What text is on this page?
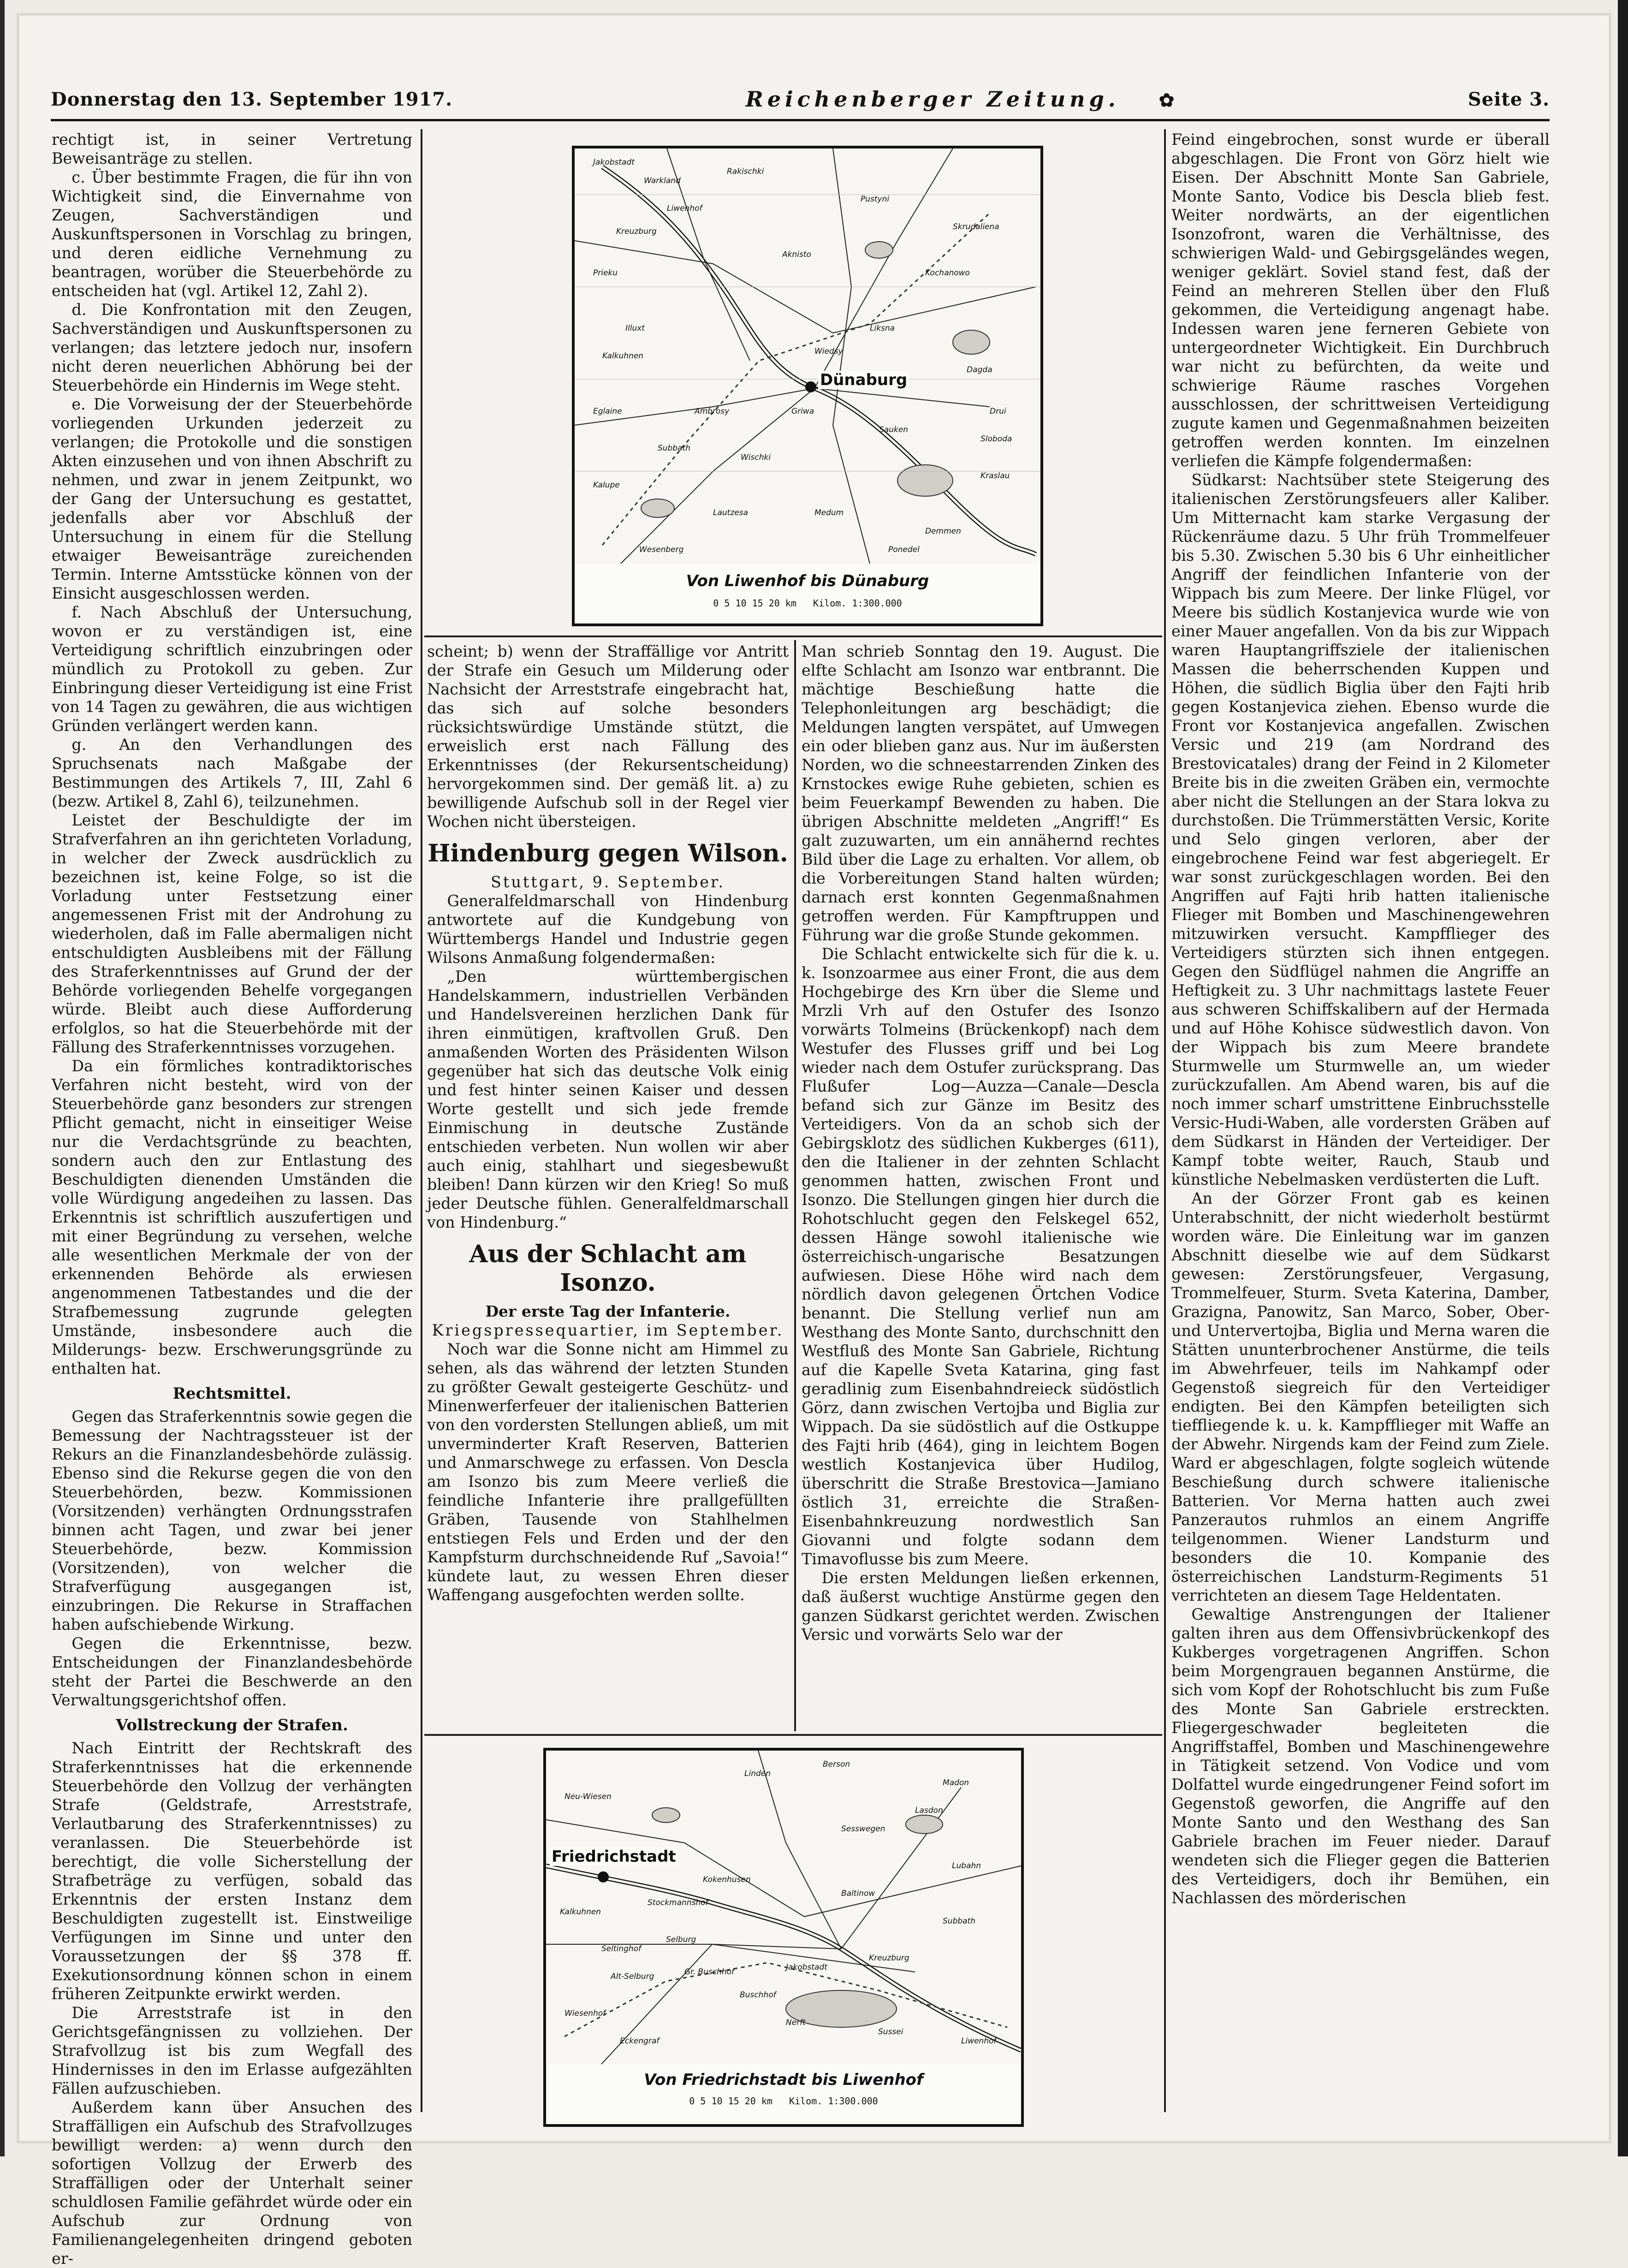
Donnerstag den 13. September 1917.	Reichenberger Zeitung. ✿	Seite 3.

rechtigt ist, in seiner Vertretung Beweisanträge zu stellen.

c. Über bestimmte Fragen, die für ihn von Wichtigkeit sind, die Einvernahme von Zeugen, Sachverständigen und Auskunftspersonen in Vorschlag zu bringen, und deren eidliche Vernehmung zu beantragen, worüber die Steuerbehörde zu entscheiden hat (vgl. Artikel 12, Zahl 2).

d. Die Konfrontation mit den Zeugen, Sachverständigen und Auskunftspersonen zu verlangen; das letztere jedoch nur, insofern nicht deren neuerlichen Abhörung bei der Steuerbehörde ein Hindernis im Wege steht.

e. Die Vorweisung der der Steuerbehörde vorliegenden Urkunden jederzeit zu verlangen; die Protokolle und die sonstigen Akten einzusehen und von ihnen Abschrift zu nehmen, und zwar in jenem Zeitpunkt, wo der Gang der Untersuchung es gestattet, jedenfalls aber vor Abschluß der Untersuchung in einem für die Stellung etwaiger Beweisanträge zureichenden Termin. Interne Amtsstücke können von der Einsicht ausgeschlossen werden.

f. Nach Abschluß der Untersuchung, wovon er zu verständigen ist, eine Verteidigung schriftlich einzubringen oder mündlich zu Protokoll zu geben. Zur Einbringung dieser Verteidigung ist eine Frist von 14 Tagen zu gewähren, die aus wichtigen Gründen verlängert werden kann.

g. An den Verhandlungen des Spruchsenats nach Maßgabe der Bestimmungen des Artikels 7, III, Zahl 6 (bezw. Artikel 8, Zahl 6), teilzunehmen.

Leistet der Beschuldigte der im Strafverfahren an ihn gerichteten Vorladung, in welcher der Zweck ausdrücklich zu bezeichnen ist, keine Folge, so ist die Vorladung unter Festsetzung einer angemessenen Frist mit der Androhung zu wiederholen, daß im Falle abermaligen nicht entschuldigten Ausbleibens mit der Fällung des Straferkenntnisses auf Grund der der Behörde vorliegenden Behelfe vorgegangen würde. Bleibt auch diese Aufforderung erfolglos, so hat die Steuerbehörde mit der Fällung des Straferkenntnisses vorzugehen.

Da ein förmliches kontradiktorisches Verfahren nicht besteht, wird von der Steuerbehörde ganz besonders zur strengen Pflicht gemacht, nicht in einseitiger Weise nur die Verdachtsgründe zu beachten, sondern auch den zur Entlastung des Beschuldigten dienenden Umständen die volle Würdigung angedeihen zu lassen. Das Erkenntnis ist schriftlich auszufertigen und mit einer Begründung zu versehen, welche alle wesentlichen Merkmale der von der erkennenden Behörde als erwiesen angenommenen Tatbestandes und die der Strafbemessung zugrunde gelegten Umstände, insbesondere auch die Milderungs- bezw. Erschwerungsgründe zu enthalten hat.

Rechtsmittel.

Gegen das Straferkenntnis sowie gegen die Bemessung der Nachtragssteuer ist der Rekurs an die Finanzlandesbehörde zulässig. Ebenso sind die Rekurse gegen die von den Steuerbehörden, bezw. Kommissionen (Vorsitzenden) verhängten Ordnungsstrafen binnen acht Tagen, und zwar bei jener Steuerbehörde, bezw. Kommission (Vorsitzenden), von welcher die Strafverfügung ausgegangen ist, einzubringen. Die Rekurse in Straffachen haben aufschiebende Wirkung.

Gegen die Erkenntnisse, bezw. Entscheidungen der Finanzlandesbehörde steht der Partei die Beschwerde an den Verwaltungsgerichtshof offen.

Vollstreckung der Strafen.

Nach Eintritt der Rechtskraft des Straferkenntnisses hat die erkennende Steuerbehörde den Vollzug der verhängten Strafe (Geldstrafe, Arreststrafe, Verlautbarung des Straferkenntnisses) zu veranlassen. Die Steuerbehörde ist berechtigt, die volle Sicherstellung der Strafbeträge zu verfügen, sobald das Erkenntnis der ersten Instanz dem Beschuldigten zugestellt ist. Einstweilige Verfügungen im Sinne und unter den Voraussetzungen der §§ 378 ff. Exekutionsordnung können schon in einem früheren Zeitpunkte erwirkt werden.

Die Arreststrafe ist in den Gerichtsgefängnissen zu vollziehen. Der Strafvollzug ist bis zum Wegfall des Hindernisses in den im Erlasse aufgezählten Fällen aufzuschieben.

Außerdem kann über Ansuchen des Straffälligen ein Aufschub des Strafvollzuges bewilligt werden: a) wenn durch den sofortigen Vollzug der Erwerb des Straffälligen oder der Unterhalt seiner schuldlosen Familie gefährdet würde oder ein Aufschub zur Ordnung von Familienangelegenheiten dringend geboten er-

Dünaburg
Jakobstadt
Warkland
Liwenhof
Kreuzburg
Illuxt
Kalkuhnen
Griwa
Kraslau
Drui
Prieku
Eglaine
Subbath
Sauken
Kalupe
Wischki
Skrudaliena
Kochanowo
Liksna
Aknisto
Rakischki
Pustyni
Ambrosy
Lautzesa	Medum
Demmen
Dagda
Sloboda
Wiedsy
Ponedel
Wesenberg
Von Liwenhof bis Dünaburg
0 5 10 15 20 km Kilom. 1:300.000

scheint; b) wenn der Straffällige vor Antritt der Strafe ein Gesuch um Milderung oder Nachsicht der Arreststrafe eingebracht hat, das sich auf solche besonders rücksichtswürdige Umstände stützt, die erweislich erst nach Fällung des Erkenntnisses (der Rekursentscheidung) hervorgekommen sind. Der gemäß lit. a) zu bewilligende Aufschub soll in der Regel vier Wochen nicht übersteigen.

Hindenburg gegen Wilson.

Stuttgart, 9. September.

Generalfeldmarschall von Hindenburg antwortete auf die Kundgebung von Württembergs Handel und Industrie gegen Wilsons Anmaßung folgendermaßen:

„Den württembergischen Handelskammern, industriellen Verbänden und Handelsvereinen herzlichen Dank für ihren einmütigen, kraftvollen Gruß. Den anmaßenden Worten des Präsidenten Wilson gegenüber hat sich das deutsche Volk einig und fest hinter seinen Kaiser und dessen Worte gestellt und sich jede fremde Einmischung in deutsche Zustände entschieden verbeten. Nun wollen wir aber auch einig, stahlhart und siegesbewußt bleiben! Dann kürzen wir den Krieg! So muß jeder Deutsche fühlen. Generalfeldmarschall von Hindenburg.“

Aus der Schlacht am Isonzo.

Der erste Tag der Infanterie.

Kriegspressequartier, im September.

Noch war die Sonne nicht am Himmel zu sehen, als das während der letzten Stunden zu größter Gewalt gesteigerte Geschütz- und Minenwerferfeuer der italienischen Batterien von den vordersten Stellungen abließ, um mit unverminderter Kraft Reserven, Batterien und Anmarschwege zu erfassen. Von Descla am Isonzo bis zum Meere verließ die feindliche Infanterie ihre prallgefüllten Gräben, Tausende von Stahlhelmen entstiegen Fels und Erden und der den Kampfsturm durchschneidende Ruf „Savoia!“ kündete laut, zu wessen Ehren dieser Waffengang ausgefochten werden sollte.

Man schrieb Sonntag den 19. August. Die elfte Schlacht am Isonzo war entbrannt. Die mächtige Beschießung hatte die Telephonleitungen arg beschädigt; die Meldungen langten verspätet, auf Umwegen ein oder blieben ganz aus. Nur im äußersten Norden, wo die schneestarrenden Zinken des Krnstockes ewige Ruhe gebieten, schien es beim Feuerkampf Bewenden zu haben. Die übrigen Abschnitte meldeten „Angriff!“ Es galt zuzuwarten, um ein annähernd rechtes Bild über die Lage zu erhalten. Vor allem, ob die Vorbereitungen Stand halten würden; darnach erst konnten Gegenmaßnahmen getroffen werden. Für Kampftruppen und Führung war die große Stunde gekommen.

Die Schlacht entwickelte sich für die k. u. k. Isonzoarmee aus einer Front, die aus dem Hochgebirge des Krn über die Sleme und Mrzli Vrh auf den Ostufer des Isonzo vorwärts Tolmeins (Brückenkopf) nach dem Westufer des Flusses griff und bei Log wieder nach dem Ostufer zurücksprang. Das Flußufer Log—Auzza—Canale—Descla befand sich zur Gänze im Besitz des Verteidigers. Von da an schob sich der Gebirgsklotz des südlichen Kukberges (611), den die Italiener in der zehnten Schlacht genommen hatten, zwischen Front und Isonzo. Die Stellungen gingen hier durch die Rohotschlucht gegen den Felskegel 652, dessen Hänge sowohl italienische wie österreichisch-ungarische Besatzungen aufwiesen. Diese Höhe wird nach dem nördlich davon gelegenen Örtchen Vodice benannt. Die Stellung verlief nun am Westhang des Monte Santo, durchschnitt den Westfluß des Monte San Gabriele, Richtung auf die Kapelle Sveta Katarina, ging fast geradlinig zum Eisenbahndreieck südöstlich Görz, dann zwischen Vertojba und Biglia zur Wippach. Da sie südöstlich auf die Ostkuppe des Fajti hrib (464), ging in leichtem Bogen westlich Kostanjevica über Hudilog, überschritt die Straße Brestovica—Jamiano östlich 31, erreichte die Straßen-Eisenbahnkreuzung nordwestlich San Giovanni und folgte sodann dem Timavoflusse bis zum Meere.

Die ersten Meldungen ließen erkennen, daß äußerst wuchtige Anstürme gegen den ganzen Südkarst gerichtet werden. Zwischen Versic und vorwärts Selo war der

Friedrichstadt
Jakobstadt
Kreuzburg
Liwenhof
Stockmannshof
Kokenhusen
Linden
Berson
Lasdon
Madon
Sesswegen
Lubahn
Seltinghof
Selburg
Gr. Buschhof
Buschhof
Alt-Selburg
Nerft
Sussei
Subbath
Eckengraf
Wiesenhof
Kalkuhnen
Neu-Wiesen
Baltinow
Von Friedrichstadt bis Liwenhof
0 5 10 15 20 km Kilom. 1:300.000

Feind eingebrochen, sonst wurde er überall abgeschlagen. Die Front von Görz hielt wie Eisen. Der Abschnitt Monte San Gabriele, Monte Santo, Vodice bis Descla blieb fest. Weiter nordwärts, an der eigentlichen Isonzofront, waren die Verhältnisse, des schwierigen Wald- und Gebirgsgeländes wegen, weniger geklärt. Soviel stand fest, daß der Feind an mehreren Stellen über den Fluß gekommen, die Verteidigung angenagt habe. Indessen waren jene ferneren Gebiete von untergeordneter Wichtigkeit. Ein Durchbruch war nicht zu befürchten, da weite und schwierige Räume rasches Vorgehen ausschlossen, der schrittweisen Verteidigung zugute kamen und Gegenmaßnahmen beizeiten getroffen werden konnten. Im einzelnen verliefen die Kämpfe folgendermaßen:

Südkarst: Nachtsüber stete Steigerung des italienischen Zerstörungsfeuers aller Kaliber. Um Mitternacht kam starke Vergasung der Rückenräume dazu. 5 Uhr früh Trommelfeuer bis 5.30. Zwischen 5.30 bis 6 Uhr einheitlicher Angriff der feindlichen Infanterie von der Wippach bis zum Meere. Der linke Flügel, vor Meere bis südlich Kostanjevica wurde wie von einer Mauer angefallen. Von da bis zur Wippach waren Hauptangriffsziele der italienischen Massen die beherrschenden Kuppen und Höhen, die südlich Biglia über den Fajti hrib gegen Kostanjevica ziehen. Ebenso wurde die Front vor Kostanjevica angefallen. Zwischen Versic und 219 (am Nordrand des Brestovicatales) drang der Feind in 2 Kilometer Breite bis in die zweiten Gräben ein, vermochte aber nicht die Stellungen an der Stara lokva zu durchstoßen. Die Trümmerstätten Versic, Korite und Selo gingen verloren, aber der eingebrochene Feind war fest abgeriegelt. Er war sonst zurückgeschlagen worden. Bei den Angriffen auf Fajti hrib hatten italienische Flieger mit Bomben und Maschinengewehren mitzuwirken versucht. Kampfflieger des Verteidigers stürzten sich ihnen entgegen. Gegen den Südflügel nahmen die Angriffe an Heftigkeit zu. 3 Uhr nachmittags lastete Feuer aus schweren Schiffskalibern auf der Hermada und auf Höhe Kohisce südwestlich davon. Von der Wippach bis zum Meere brandete Sturmwelle um Sturmwelle an, um wieder zurückzufallen. Am Abend waren, bis auf die noch immer scharf umstrittene Einbruchsstelle Versic-Hudi-Waben, alle vordersten Gräben auf dem Südkarst in Händen der Verteidiger. Der Kampf tobte weiter, Rauch, Staub und künstliche Nebelmasken verdüsterten die Luft.

An der Görzer Front gab es keinen Unterabschnitt, der nicht wiederholt bestürmt worden wäre. Die Einleitung war im ganzen Abschnitt dieselbe wie auf dem Südkarst gewesen: Zerstörungsfeuer, Vergasung, Trommelfeuer, Sturm. Sveta Katerina, Damber, Grazigna, Panowitz, San Marco, Sober, Ober- und Untervertojba, Biglia und Merna waren die Stätten ununterbrochener Anstürme, die teils im Abwehrfeuer, teils im Nahkampf oder Gegenstoß siegreich für den Verteidiger endigten. Bei den Kämpfen beteiligten sich tieffliegende k. u. k. Kampfflieger mit Waffe an der Abwehr. Nirgends kam der Feind zum Ziele. Ward er abgeschlagen, folgte sogleich wütende Beschießung durch schwere italienische Batterien. Vor Merna hatten auch zwei Panzerautos ruhmlos an einem Angriffe teilgenommen. Wiener Landsturm und besonders die 10. Kompanie des österreichischen Landsturm-Regiments 51 verrichteten an diesem Tage Heldentaten.

Gewaltige Anstrengungen der Italiener galten ihren aus dem Offensivbrückenkopf des Kukberges vorgetragenen Angriffen. Schon beim Morgengrauen begannen Anstürme, die sich vom Kopf der Rohotschlucht bis zum Fuße des Monte San Gabriele erstreckten. Fliegergeschwader begleiteten die Angriffstaffel, Bomben und Maschinengewehre in Tätigkeit setzend. Von Vodice und vom Dolfattel wurde eingedrungener Feind sofort im Gegenstoß geworfen, die Angriffe auf den Monte Santo und den Westhang des San Gabriele brachen im Feuer nieder. Darauf wendeten sich die Flieger gegen die Batterien des Verteidigers, doch ihr Bemühen, ein Nachlassen des mörderischen
